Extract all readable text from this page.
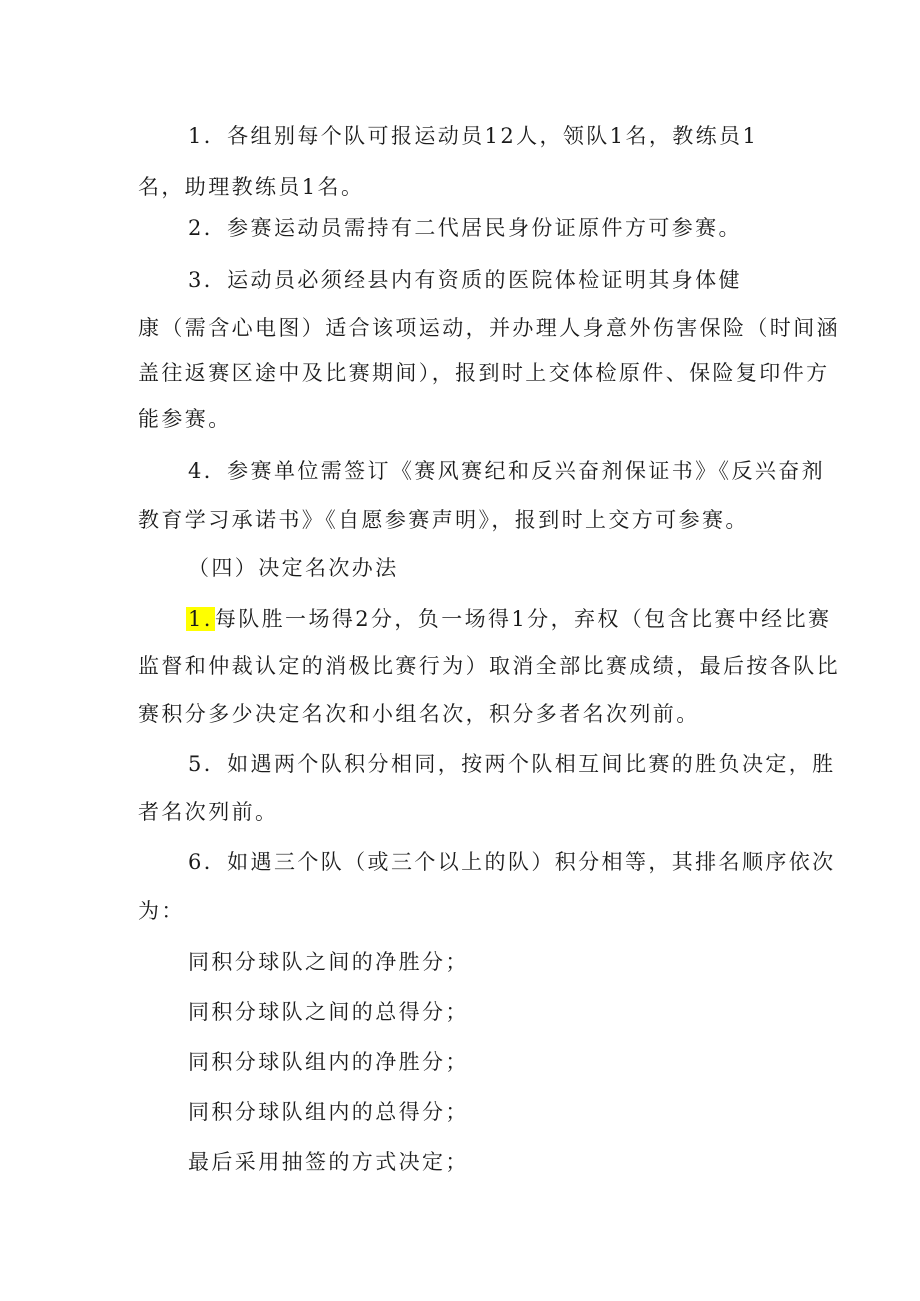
1．各组别每个队可报运动员12人，领队1名，教练员1
名，助理教练员1名。
2．参赛运动员需持有二代居民身份证原件方可参赛。
3．运动员必须经县内有资质的医院体检证明其身体健
康（需含心电图）适合该项运动，并办理人身意外伤害保险（时间涵
盖往返赛区途中及比赛期间），报到时上交体检原件、保险复印件方
能参赛。
4．参赛单位需签订《赛风赛纪和反兴奋剂保证书》《反兴奋剂
教育学习承诺书》《自愿参赛声明》，报到时上交方可参赛。
（四）决定名次办法
1.每队胜一场得2分，负一场得1分，弃权（包含比赛中经比赛
监督和仲裁认定的消极比赛行为）取消全部比赛成绩，最后按各队比
赛积分多少决定名次和小组名次，积分多者名次列前。
5．如遇两个队积分相同，按两个队相互间比赛的胜负决定，胜
者名次列前。
6．如遇三个队（或三个以上的队）积分相等，其排名顺序依次
为：
同积分球队之间的净胜分；
同积分球队之间的总得分；
同积分球队组内的净胜分；
同积分球队组内的总得分；
最后采用抽签的方式决定；
